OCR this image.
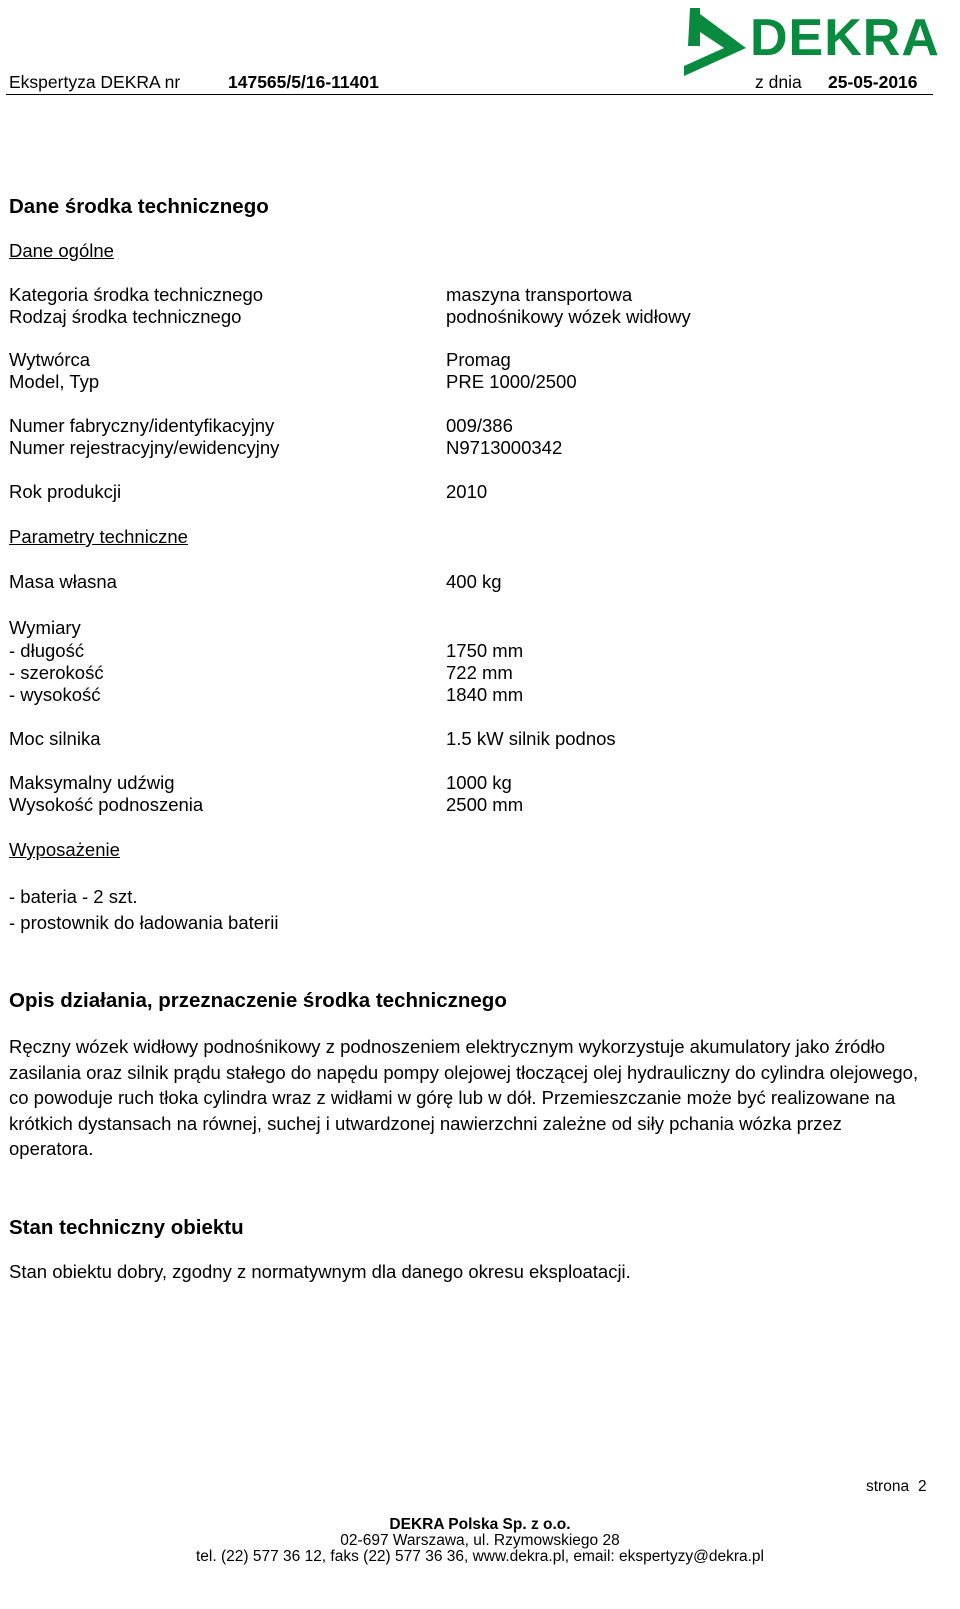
DEKRA
Ekspertyza DEKRA nr	147565/5/16-11401	z dnia 25-05-2016
Dane środka technicznego
Dane ogólne
Kategoria środka technicznego	maszyna transportowa
Rodzaj środka technicznego	podnośnikowy wózek widłowy
Wytwórca	Promag
Model, Typ	PRE 1000/2500
Numer fabryczny/identyfikacyjny	009/386
Numer rejestracyjny/ewidencyjny	N9713000342
Rok produkcji	2010
Parametry techniczne
Masa własna	400 kg
Wymiary
- długość	1750 mm
- szerokość	722 mm
- wysokość	1840 mm
Moc silnika	1.5 kW silnik podnos
Maksymalny udźwig	1000 kg
Wysokość podnoszenia	2500 mm
Wyposażenie
- bateria - 2 szt.
- prostownik do ładowania baterii
Opis działania, przeznaczenie środka technicznego
Ręczny wózek widłowy podnośnikowy z podnoszeniem elektrycznym wykorzystuje akumulatory jako źródło zasilania oraz silnik prądu stałego do napędu pompy olejowej tłoczącej olej hydrauliczny do cylindra olejowego, co powoduje ruch tłoka cylindra wraz z widłami w górę lub w dół. Przemieszczanie może być realizowane na krótkich dystansach na równej, suchej i utwardzonej nawierzchni zależne od siły pchania wózka przez operatora.
Stan techniczny obiektu
Stan obiektu dobry, zgodny z normatywnym dla danego okresu eksploatacji.
strona 2
DEKRA Polska Sp. z o.o.
02-697 Warszawa, ul. Rzymowskiego 28
tel. (22) 577 36 12, faks (22) 577 36 36, www.dekra.pl, email: ekspertyzy@dekra.pl
